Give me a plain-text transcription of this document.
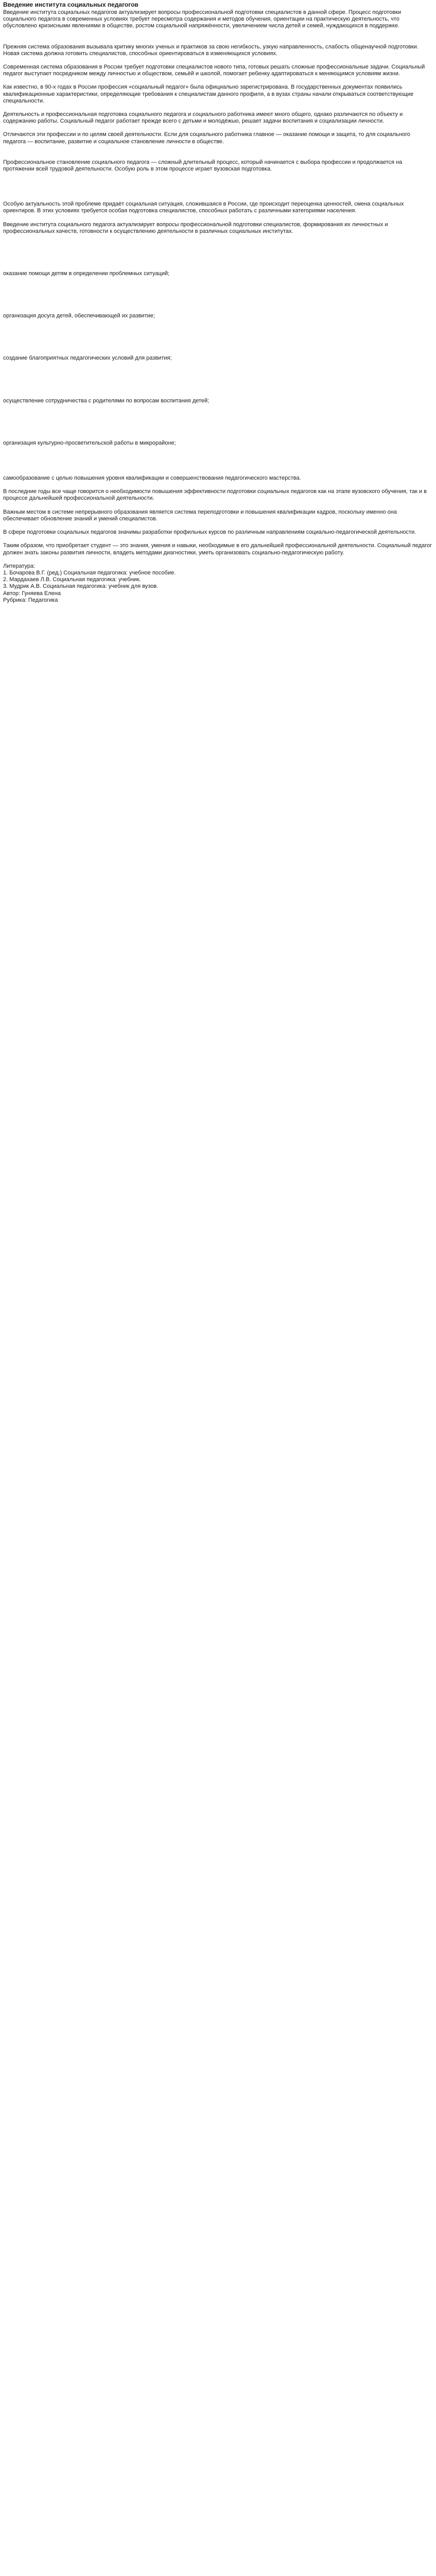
Введение института социальных педагогов

Введение института социальных педагогов актуализирует вопросы профессиональной подготовки специалистов в данной сфере. Процесс подготовки социального педагога в современных условиях требует пересмотра содержания и методов обучения, ориентации на практическую деятельность, что обусловлено кризисными явлениями в обществе, ростом социальной напряжённости, увеличением числа детей и семей, нуждающихся в поддержке.

Прежняя система образования вызывала критику многих ученых и практиков за свою негибкость, узкую направленность, слабость общенаучной подготовки. Новая система должна готовить специалистов, способных ориентироваться в изменяющихся условиях.

Современная система образования в России требует подготовки специалистов нового типа, готовых решать сложные профессиональные задачи. Социальный педагог выступает посредником между личностью и обществом, семьёй и школой, помогает ребенку адаптироваться к меняющимся условиям жизни.

Как известно, в 90-х годах в России профессия «социальный педагог» была официально зарегистрирована. В государственных документах появились квалификационные характеристики, определяющие требования к специалистам данного профиля, а в вузах страны начали открываться соответствующие специальности.

Деятельность и профессиональная подготовка социального педагога и социального работника имеют много общего, однако различаются по объекту и содержанию работы. Социальный педагог работает прежде всего с детьми и молодёжью, решает задачи воспитания и социализации личности.

Отличаются эти профессии и по целям своей деятельности. Если для социального работника главное — оказание помощи и защита, то для социального педагога — воспитание, развитие и социальное становление личности в обществе.

Профессиональное становление социального педагога — сложный длительный процесс, который начинается с выбора профессии и продолжается на протяжении всей трудовой деятельности. Особую роль в этом процессе играет вузовская подготовка.

Особую актуальность этой проблеме придаёт социальная ситуация, сложившаяся в России, где происходит переоценка ценностей, смена социальных ориентиров. В этих условиях требуется особая подготовка специалистов, способных работать с различными категориями населения.

Введение института социального педагога актуализирует вопросы профессиональной подготовки специалистов, формирования их личностных и профессиональных качеств, готовности к осуществлению деятельности в различных социальных институтах.

оказание помощи детям в определении проблемных ситуаций;

организация досуга детей, обеспечивающей их развитие;

создание благоприятных педагогических условий для развития;

осуществление сотрудничества с родителями по вопросам воспитания детей;

организация культурно-просветительской работы в микрорайоне;

самообразование с целью повышения уровня квалификации и совершенствования педагогического мастерства.

В последние годы все чаще говорится о необходимости повышения эффективности подготовки социальных педагогов как на этапе вузовского обучения, так и в процессе дальнейшей профессиональной деятельности.

Важным местом в системе непрерывного образования является система переподготовки и повышения квалификации кадров, поскольку именно она обеспечивает обновление знаний и умений специалистов.

В сфере подготовки социальных педагогов значимы разработки профильных курсов по различным направлениям социально-педагогической деятельности.

Таким образом, что приобретает студент — это знания, умения и навыки, необходимые в его дальнейшей профессиональной деятельности. Социальный педагог должен знать законы развития личности, владеть методами диагностики, уметь организовать социально-педагогическую работу.

Литература:

1. Бочарова В.Г. (ред.) Социальная педагогика: учебное пособие.

2. Мардахаев Л.В. Социальная педагогика: учебник.

3. Мудрик А.В. Социальная педагогика: учебник для вузов.

Автор: Гуняева Елена

Рубрика: Педагогика
